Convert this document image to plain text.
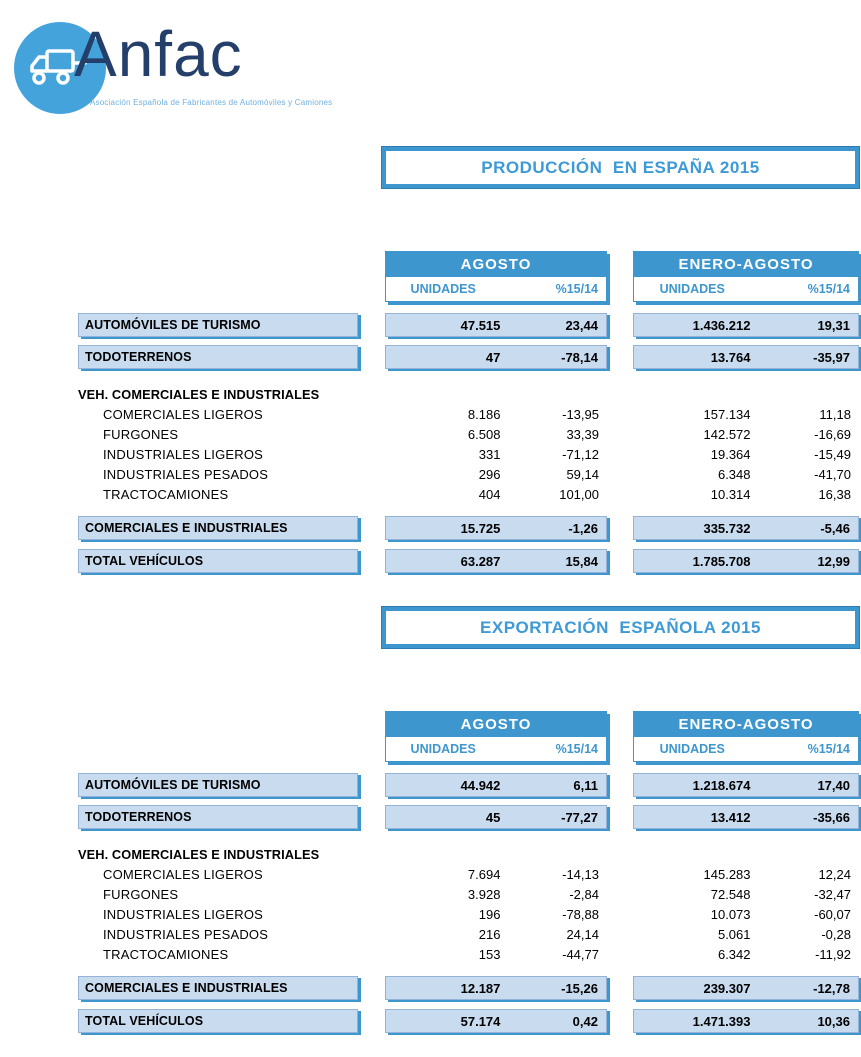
Anfac
Asociación Española de Fabricantes de Automóviles y Camiones
PRODUCCIÓN  EN ESPAÑA 2015
AGOSTO
UNIDADES	%15/14
ENERO-AGOSTO
UNIDADES	%15/14
AUTOMÓVILES DE TURISMO	47.515	23,44	1.436.212	19,31
TODOTERRENOS	47	-78,14	13.764	-35,97
VEH. COMERCIALES E INDUSTRIALES
COMERCIALES LIGEROS	8.186	-13,95	157.134	11,18
FURGONES	6.508	33,39	142.572	-16,69
INDUSTRIALES LIGEROS	331	-71,12	19.364	-15,49
INDUSTRIALES PESADOS	296	59,14	6.348	-41,70
TRACTOCAMIONES	404	101,00	10.314	16,38
COMERCIALES E INDUSTRIALES	15.725	-1,26	335.732	-5,46
TOTAL VEHÍCULOS	63.287	15,84	1.785.708	12,99
EXPORTACIÓN  ESPAÑOLA 2015
AGOSTO
UNIDADES	%15/14
ENERO-AGOSTO
UNIDADES	%15/14
AUTOMÓVILES DE TURISMO	44.942	6,11	1.218.674	17,40
TODOTERRENOS	45	-77,27	13.412	-35,66
VEH. COMERCIALES E INDUSTRIALES
COMERCIALES LIGEROS	7.694	-14,13	145.283	12,24
FURGONES	3.928	-2,84	72.548	-32,47
INDUSTRIALES LIGEROS	196	-78,88	10.073	-60,07
INDUSTRIALES PESADOS	216	24,14	5.061	-0,28
TRACTOCAMIONES	153	-44,77	6.342	-11,92
COMERCIALES E INDUSTRIALES	12.187	-15,26	239.307	-12,78
TOTAL VEHÍCULOS	57.174	0,42	1.471.393	10,36
